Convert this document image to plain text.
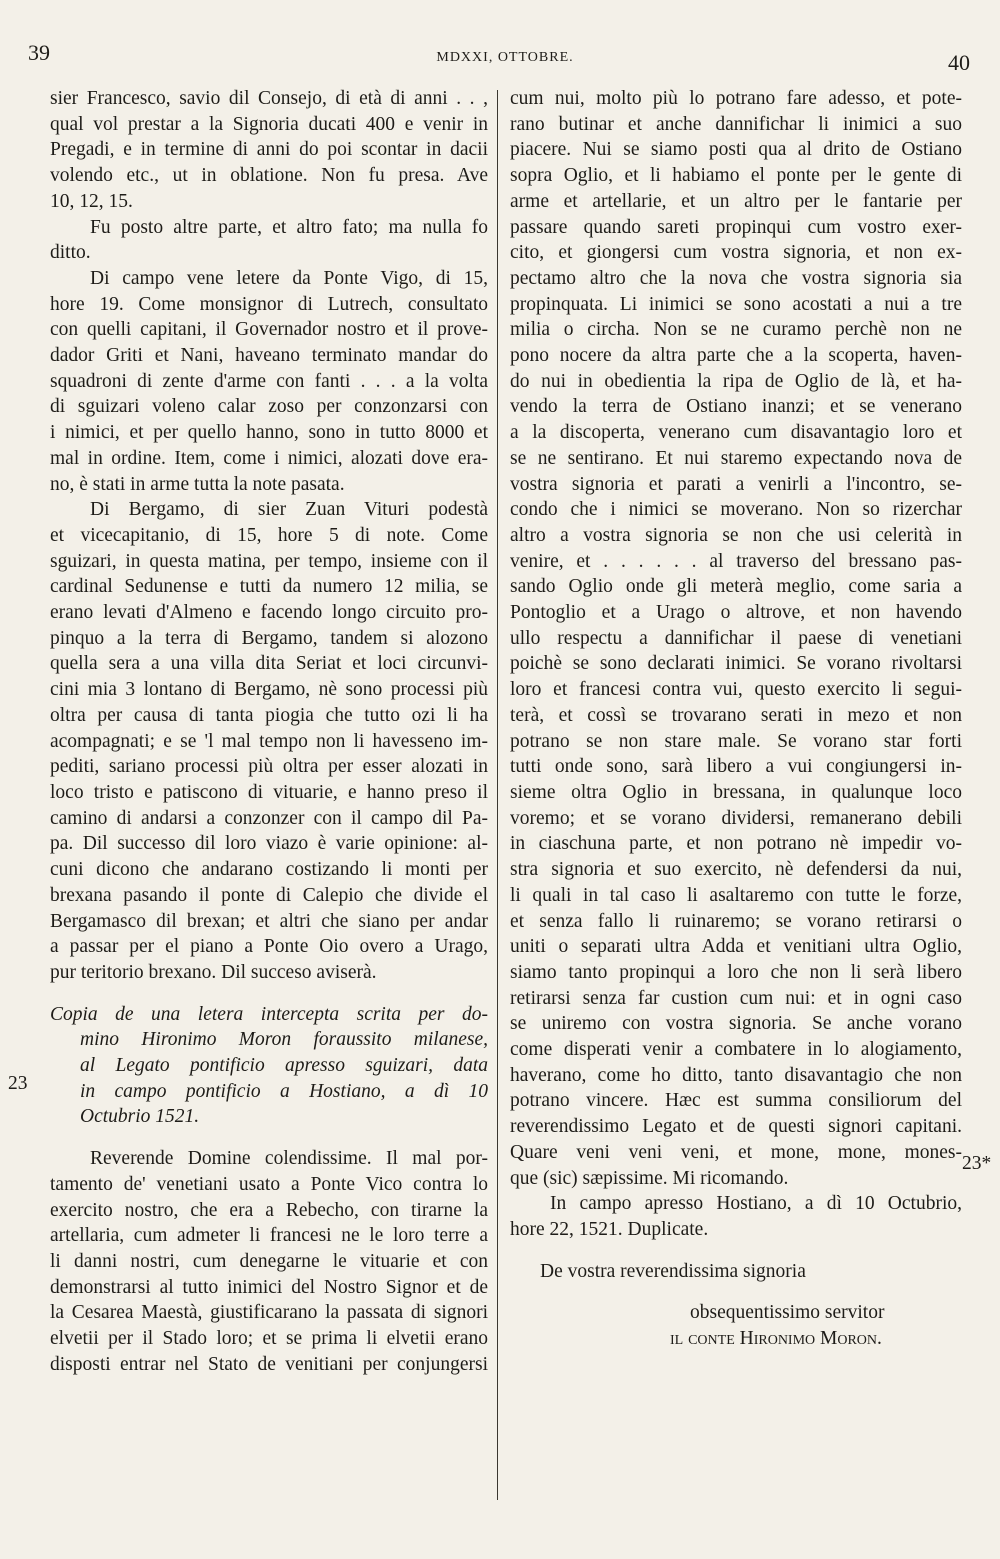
39	MDXXI, OTTOBRE.	40
23
23*
sier Francesco, savio dil Consejo, di età di anni . . ,
qual vol prestar a la Signoria ducati 400 e venir in
Pregadi, e in termine di anni do poi scontar in dacii
volendo etc., ut in oblatione. Non fu presa. Ave
10, 12, 15.
Fu posto altre parte, et altro fato; ma nulla fo
ditto.
Di campo vene letere da Ponte Vigo, di 15,
hore 19. Come monsignor di Lutrech, consultato
con quelli capitani, il Governador nostro et il prove-
dador Griti et Nani, haveano terminato mandar do
squadroni di zente d'arme con fanti . . . a la volta
di sguizari voleno calar zoso per conzonzarsi con
i nimici, et per quello hanno, sono in tutto 8000 et
mal in ordine. Item, come i nimici, alozati dove era-
no, è stati in arme tutta la note pasata.
Di Bergamo, di sier Zuan Vituri podestà
et vicecapitanio, di 15, hore 5 di note. Come
sguizari, in questa matina, per tempo, insieme con il
cardinal Sedunense e tutti da numero 12 milia, se
erano levati d'Almeno e facendo longo circuito pro-
pinquo a la terra di Bergamo, tandem si alozono
quella sera a una villa dita Seriat et loci circunvi-
cini mia 3 lontano di Bergamo, nè sono processi più
oltra per causa di tanta piogia che tutto ozi li ha
acompagnati; e se 'l mal tempo non li havesseno im-
pediti, sariano processi più oltra per esser alozati in
loco tristo e patiscono di vituarie, e hanno preso il
camino di andarsi a conzonzer con il campo dil Pa-
pa. Dil successo dil loro viazo è varie opinione: al-
cuni dicono che andarano costizando li monti per
brexana pasando il ponte di Calepio che divide el
Bergamasco dil brexan; et altri che siano per andar
a passar per el piano a Ponte Oio overo a Urago,
pur teritorio brexano. Dil succeso aviserà.
Copia de una letera intercepta scrita per do-
mino Hironimo Moron foraussito milanese,
al Legato pontificio apresso sguizari, data
in campo pontificio a Hostiano, a dì 10
Octubrio 1521.
Reverende Domine colendissime. Il mal por-
tamento de' venetiani usato a Ponte Vico contra lo
exercito nostro, che era a Rebecho, con tirarne la
artellaria, cum admeter li francesi ne le loro terre a
li danni nostri, cum denegarne le vituarie et con
demonstrarsi al tutto inimici del Nostro Signor et de
la Cesarea Maestà, giustificarano la passata di signori
elvetii per il Stado loro; et se prima li elvetii erano
disposti entrar nel Stato de venitiani per conjungersi
cum nui, molto più lo potrano fare adesso, et pote-
rano butinar et anche dannifichar li inimici a suo
piacere. Nui se siamo posti qua al drito de Ostiano
sopra Oglio, et li habiamo el ponte per le gente di
arme et artellarie, et un altro per le fantarie per
passare quando sareti propinqui cum vostro exer-
cito, et giongersi cum vostra signoria, et non ex-
pectamo altro che la nova che vostra signoria sia
propinquata. Li inimici se sono acostati a nui a tre
milia o circha. Non se ne curamo perchè non ne
pono nocere da altra parte che a la scoperta, haven-
do nui in obedientia la ripa de Oglio de là, et ha-
vendo la terra de Ostiano inanzi; et se venerano
a la discoperta, venerano cum disavantagio loro et
se ne sentirano. Et nui staremo expectando nova de
vostra signoria et parati a venirli a l'incontro, se-
condo che i nimici se moverano. Non so rizerchar
altro a vostra signoria se non che usi celerità in
venire, et . . . . . . al traverso del bressano pas-
sando Oglio onde gli meterà meglio, come saria a
Pontoglio et a Urago o altrove, et non havendo
ullo respectu a dannifichar il paese di venetiani
poichè se sono declarati inimici. Se vorano rivoltarsi
loro et francesi contra vui, questo exercito li segui-
terà, et cossì se trovarano serati in mezo et non
potrano se non stare male. Se vorano star forti
tutti onde sono, sarà libero a vui congiungersi in-
sieme oltra Oglio in bressana, in qualunque loco
voremo; et se vorano dividersi, remanerano debili
in ciaschuna parte, et non potrano nè impedir vo-
stra signoria et suo exercito, nè defendersi da nui,
li quali in tal caso li asaltaremo con tutte le forze,
et senza fallo li ruinaremo; se vorano retirarsi o
uniti o separati ultra Adda et venitiani ultra Oglio,
siamo tanto propinqui a loro che non li serà libero
retirarsi senza far custion cum nui: et in ogni caso
se uniremo con vostra signoria. Se anche vorano
come disperati venir a combatere in lo alogiamento,
haverano, come ho ditto, tanto disavantagio che non
potrano vincere. Hæc est summa consiliorum del
reverendissimo Legato et de questi signori capitani.
Quare veni veni veni, et mone, mone, mones-
que (sic) sæpissime. Mi ricomando.
In campo apresso Hostiano, a dì 10 Octubrio,
hore 22, 1521. Duplicate.
De vostra reverendissima signoria
obsequentissimo servitor
il conte Hironimo Moron.
